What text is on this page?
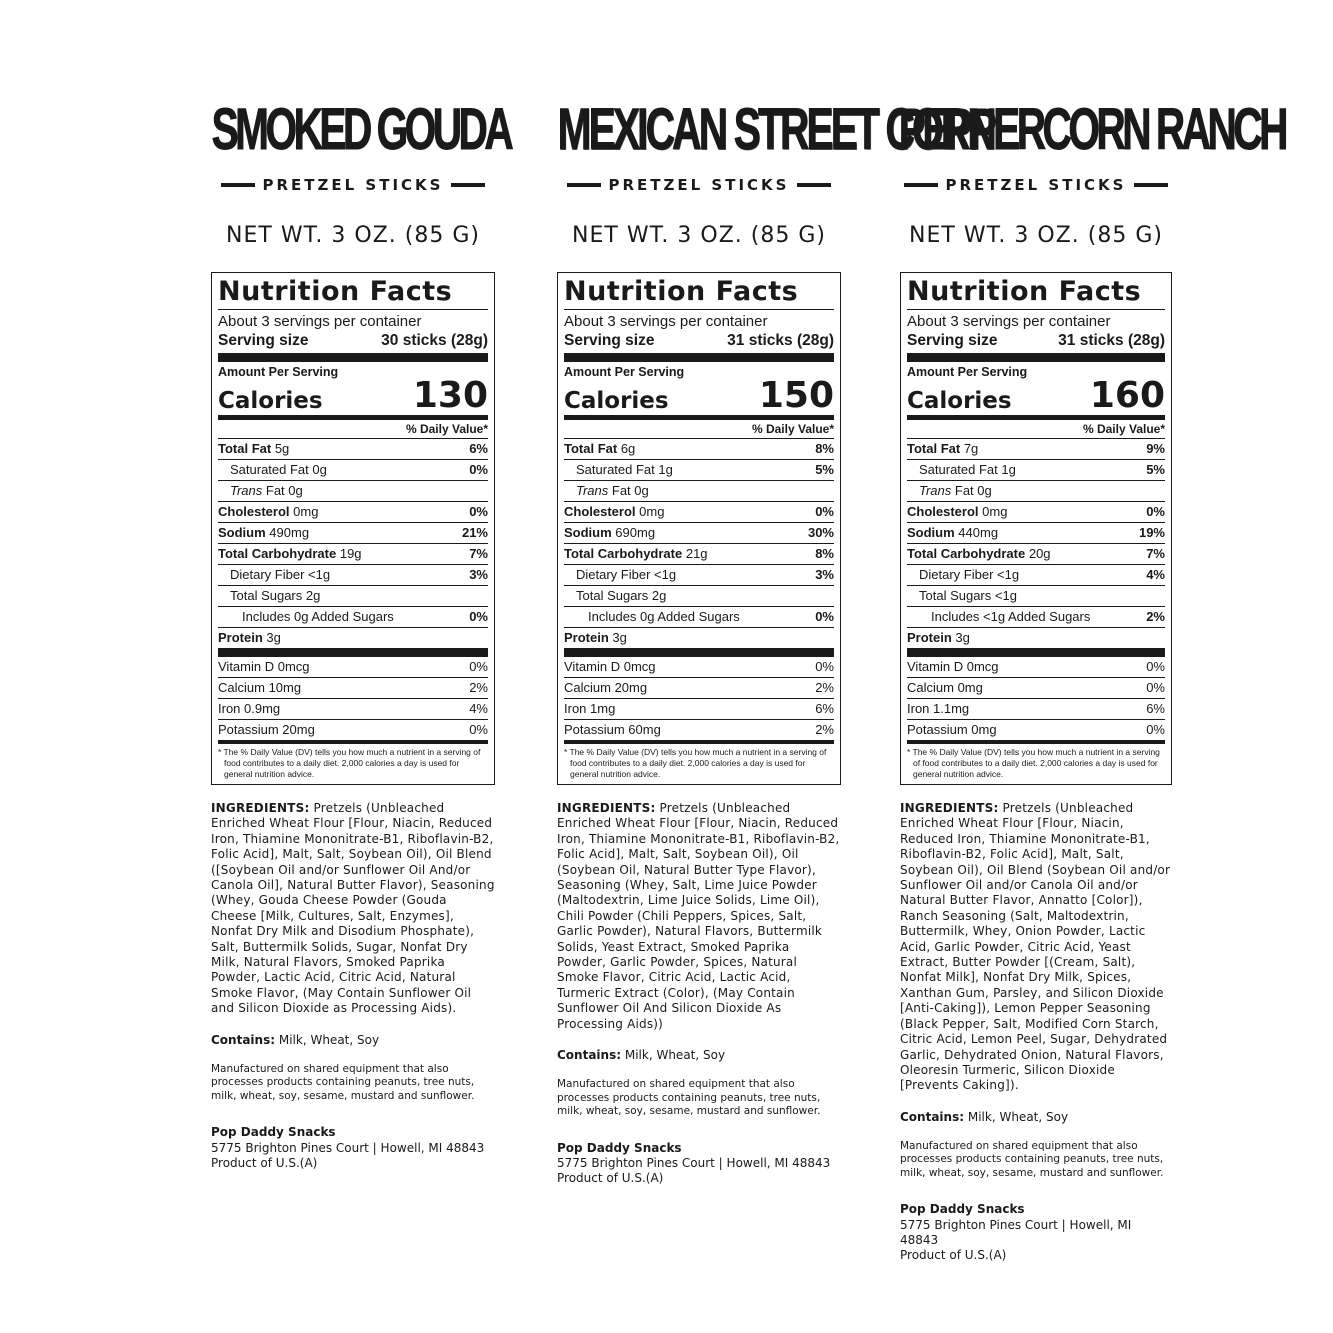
SMOKED GOUDA
PRETZEL STICKS
NET WT. 3 OZ. (85 G)
Nutrition Facts
About 3 servings per container
Serving size	30 sticks (28g)
Amount Per Serving
Calories	130
% Daily Value*
Total Fat 5g	6%
Saturated Fat 0g	0%
Trans Fat 0g
Cholesterol 0mg	0%
Sodium 490mg	21%
Total Carbohydrate 19g	7%
Dietary Fiber <1g	3%
Total Sugars 2g
Includes 0g Added Sugars	0%
Protein 3g
Vitamin D 0mcg	0%
Calcium 10mg	2%
Iron 0.9mg	4%
Potassium 20mg	0%
* The % Daily Value (DV) tells you how much a nutrient in a serving of food contributes to a daily diet. 2,000 calories a day is used for general nutrition advice.
INGREDIENTS: Pretzels (Unbleached Enriched Wheat Flour [Flour, Niacin, Reduced Iron, Thiamine Mononitrate-B1, Riboflavin-B2, Folic Acid], Malt, Salt, Soybean Oil), Oil Blend ([Soybean Oil and/or Sunflower Oil And/or Canola Oil], Natural Butter Flavor), Seasoning (Whey, Gouda Cheese Powder (Gouda Cheese [Milk, Cultures, Salt, Enzymes], Nonfat Dry Milk and Disodium Phosphate), Salt, Buttermilk Solids, Sugar, Nonfat Dry Milk, Natural Flavors, Smoked Paprika Powder, Lactic Acid, Citric Acid, Natural Smoke Flavor, (May Contain Sunflower Oil and Silicon Dioxide as Processing Aids).
Contains: Milk, Wheat, Soy
Manufactured on shared equipment that also processes products containing peanuts, tree nuts, milk, wheat, soy, sesame, mustard and sunflower.
Pop Daddy Snacks
5775 Brighton Pines Court | Howell, MI 48843
Product of U.S.(A)
MEXICAN STREET CORN
PRETZEL STICKS
NET WT. 3 OZ. (85 G)
Nutrition Facts
About 3 servings per container
Serving size	31 sticks (28g)
Amount Per Serving
Calories	150
% Daily Value*
Total Fat 6g	8%
Saturated Fat 1g	5%
Trans Fat 0g
Cholesterol 0mg	0%
Sodium 690mg	30%
Total Carbohydrate 21g	8%
Dietary Fiber <1g	3%
Total Sugars 2g
Includes 0g Added Sugars	0%
Protein 3g
Vitamin D 0mcg	0%
Calcium 20mg	2%
Iron 1mg	6%
Potassium 60mg	2%
* The % Daily Value (DV) tells you how much a nutrient in a serving of food contributes to a daily diet. 2,000 calories a day is used for general nutrition advice.
INGREDIENTS: Pretzels (Unbleached Enriched Wheat Flour [Flour, Niacin, Reduced Iron, Thiamine Mononitrate-B1, Riboflavin-B2, Folic Acid], Malt, Salt, Soybean Oil), Oil (Soybean Oil, Natural Butter Type Flavor), Seasoning (Whey, Salt, Lime Juice Powder (Maltodextrin, Lime Juice Solids, Lime Oil), Chili Powder (Chili Peppers, Spices, Salt, Garlic Powder), Natural Flavors, Buttermilk Solids, Yeast Extract, Smoked Paprika Powder, Garlic Powder, Spices, Natural Smoke Flavor, Citric Acid, Lactic Acid, Turmeric Extract (Color), (May Contain Sunflower Oil And Silicon Dioxide As Processing Aids))
Contains: Milk, Wheat, Soy
Manufactured on shared equipment that also processes products containing peanuts, tree nuts, milk, wheat, soy, sesame, mustard and sunflower.
Pop Daddy Snacks
5775 Brighton Pines Court | Howell, MI 48843
Product of U.S.(A)
PEPPERCORN RANCH
PRETZEL STICKS
NET WT. 3 OZ. (85 G)
Nutrition Facts
About 3 servings per container
Serving size	31 sticks (28g)
Amount Per Serving
Calories 160
% Daily Value*
Total Fat 7g	9%
Saturated Fat 1g	5%
Trans Fat 0g
Cholesterol 0mg	0%
Sodium 440mg	19%
Total Carbohydrate 20g	7%
Dietary Fiber <1g	4%
Total Sugars <1g
Includes <1g Added Sugars	2%
Protein 3g
Vitamin D 0mcg	0%
Calcium 0mg	0%
Iron 1.1mg	6%
Potassium 0mg	0%
* The % Daily Value (DV) tells you how much a nutrient in a serving of food contributes to a daily diet. 2,000 calories a day is used for general nutrition advice.
INGREDIENTS: Pretzels (Unbleached Enriched Wheat Flour [Flour, Niacin, Reduced Iron, Thiamine Mononitrate-B1, Riboflavin-B2, Folic Acid], Malt, Salt, Soybean Oil), Oil Blend (Soybean Oil and/or Sunflower Oil and/or Canola Oil and/or Natural Butter Flavor, Annatto [Color]), Ranch Seasoning (Salt, Maltodextrin, Buttermilk, Whey, Onion Powder, Lactic Acid, Garlic Powder, Citric Acid, Yeast Extract, Butter Powder [(Cream, Salt), Nonfat Milk], Nonfat Dry Milk, Spices, Xanthan Gum, Parsley, and Silicon Dioxide [Anti-Caking]), Lemon Pepper Seasoning (Black Pepper, Salt, Modified Corn Starch, Citric Acid, Lemon Peel, Sugar, Dehydrated Garlic, Dehydrated Onion, Natural Flavors, Oleoresin Turmeric, Silicon Dioxide [Prevents Caking]).
Contains: Milk, Wheat, Soy
Manufactured on shared equipment that also processes products containing peanuts, tree nuts, milk, wheat, soy, sesame, mustard and sunflower.
Pop Daddy Snacks
5775 Brighton Pines Court | Howell, MI 48843
Product of U.S.(A)
